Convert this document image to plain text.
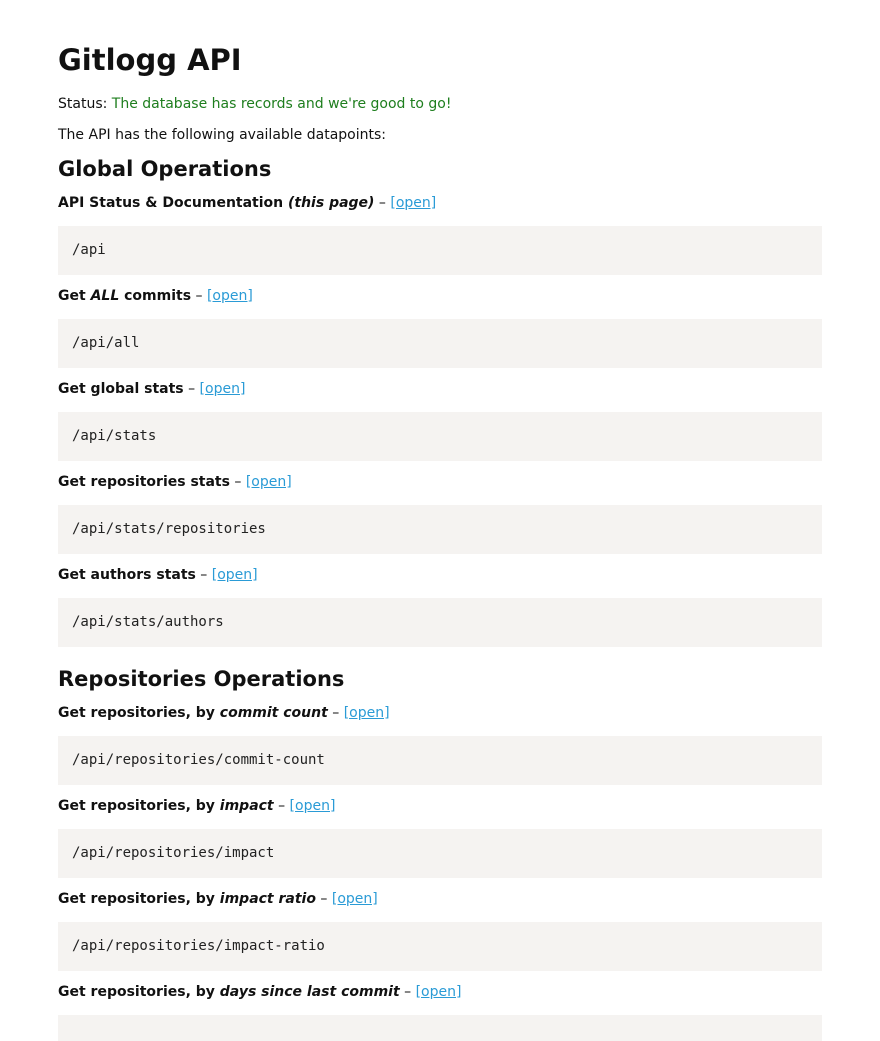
Gitlogg API

Status: The database has records and we're good to go!

The API has the following available datapoints:

Global Operations

API Status & Documentation (this page) – [open]

/api

Get ALL commits – [open]

/api/all

Get global stats – [open]

/api/stats

Get repositories stats – [open]

/api/stats/repositories

Get authors stats – [open]

/api/stats/authors
Repositories Operations

Get repositories, by commit count – [open]

/api/repositories/commit-count

Get repositories, by impact – [open]

/api/repositories/impact

Get repositories, by impact ratio – [open]

/api/repositories/impact-ratio

Get repositories, by days since last commit – [open]
